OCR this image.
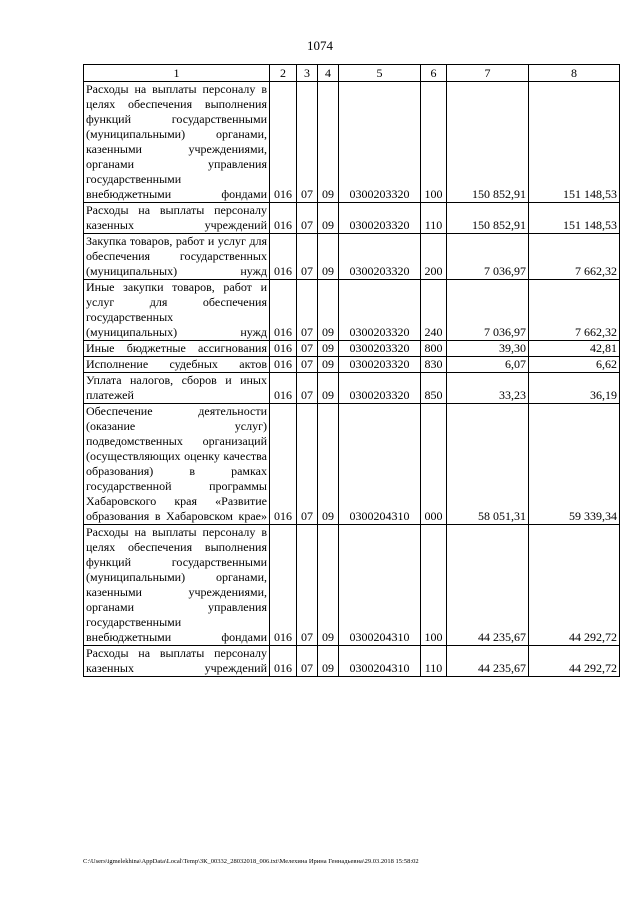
1074
1	2	3	4	5	6	7	8
Расходы на выплаты персоналу в целях обеспечения выполнения функций государственными (муниципальными) органами, казенными учреждениями, органами управления государственными внебюджетными фондами	016	07	09	0300203320	100	150 852,91	151 148,53
Расходы на выплаты персоналу казенных учреждений	016	07	09	0300203320	110	150 852,91	151 148,53
Закупка товаров, работ и услуг для обеспечения государственных (муниципальных) нужд	016	07	09	0300203320	200	7 036,97	7 662,32
Иные закупки товаров, работ и услуг для обеспечения государственных (муниципальных) нужд	016	07	09	0300203320	240	7 036,97	7 662,32
Иные бюджетные ассигнования	016	07	09	0300203320	800	39,30	42,81
Исполнение судебных актов	016	07	09	0300203320	830	6,07	6,62
Уплата налогов, сборов и иных платежей	016	07	09	0300203320	850	33,23	36,19
Обеспечение деятельности (оказание услуг) подведомственных организаций (осуществляющих оценку качества образования) в рамках государственной программы Хабаровского края «Развитие образования в Хабаровском крае»	016	07	09	0300204310	000	58 051,31	59 339,34
Расходы на выплаты персоналу в целях обеспечения выполнения функций государственными (муниципальными) органами, казенными учреждениями, органами управления государственными внебюджетными фондами	016	07	09	0300204310	100	44 235,67	44 292,72
Расходы на выплаты персоналу казенных учреждений	016	07	09	0300204310	110	44 235,67	44 292,72
C:\Users\igmelekhina\AppData\Local\Temp\ЗК_00332_28032018_006.txt\Мелехина Ирина Геннадьевна\29.03.2018 15:58:02
